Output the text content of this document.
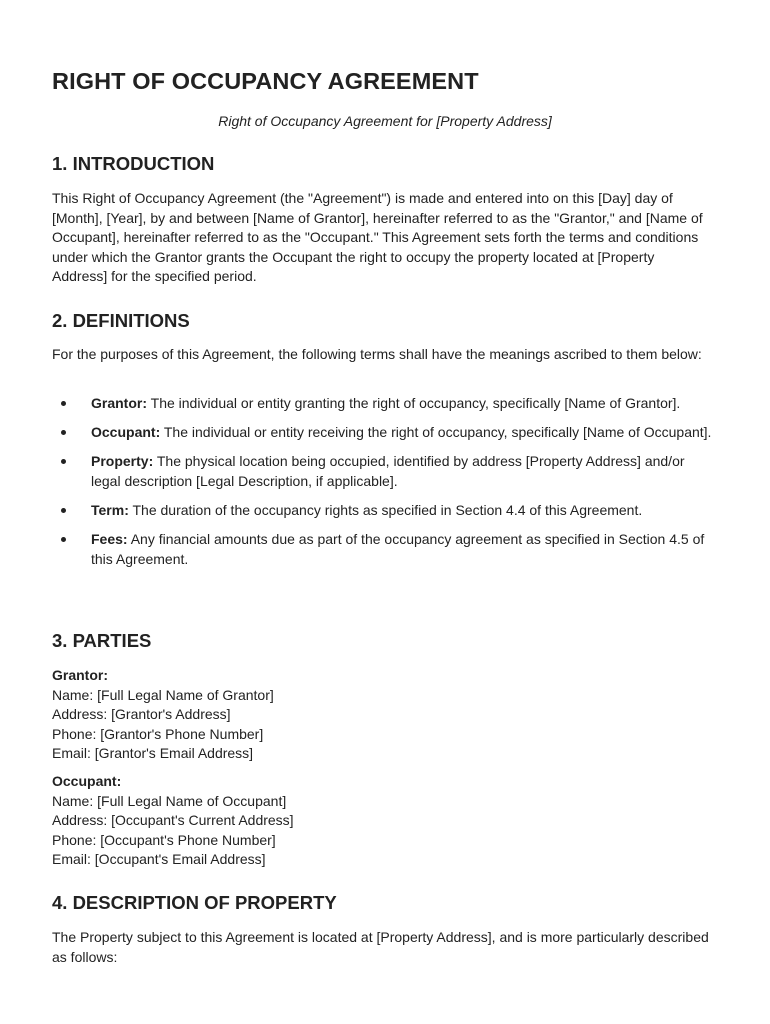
RIGHT OF OCCUPANCY AGREEMENT

Right of Occupancy Agreement for [Property Address]

1. INTRODUCTION

This Right of Occupancy Agreement (the "Agreement") is made and entered into on this [Day] day of [Month], [Year], by and between [Name of Grantor], hereinafter referred to as the "Grantor," and [Name of Occupant], hereinafter referred to as the "Occupant." This Agreement sets forth the terms and conditions under which the Grantor grants the Occupant the right to occupy the property located at [Property Address] for the specified period.

2. DEFINITIONS

For the purposes of this Agreement, the following terms shall have the meanings ascribed to them below:

Grantor: The individual or entity granting the right of occupancy, specifically [Name of Grantor].
Occupant: The individual or entity receiving the right of occupancy, specifically [Name of Occupant].
Property: The physical location being occupied, identified by address [Property Address] and/or legal description [Legal Description, if applicable].
Term: The duration of the occupancy rights as specified in Section 4.4 of this Agreement.
Fees: Any financial amounts due as part of the occupancy agreement as specified in Section 4.5 of this Agreement.
3. PARTIES
Grantor:
Name: [Full Legal Name of Grantor]
Address: [Grantor's Address]
Phone: [Grantor's Phone Number]
Email: [Grantor's Email Address]
Occupant:
Name: [Full Legal Name of Occupant]
Address: [Occupant's Current Address]
Phone: [Occupant's Phone Number]
Email: [Occupant's Email Address]
4. DESCRIPTION OF PROPERTY

The Property subject to this Agreement is located at [Property Address], and is more particularly described as follows:
